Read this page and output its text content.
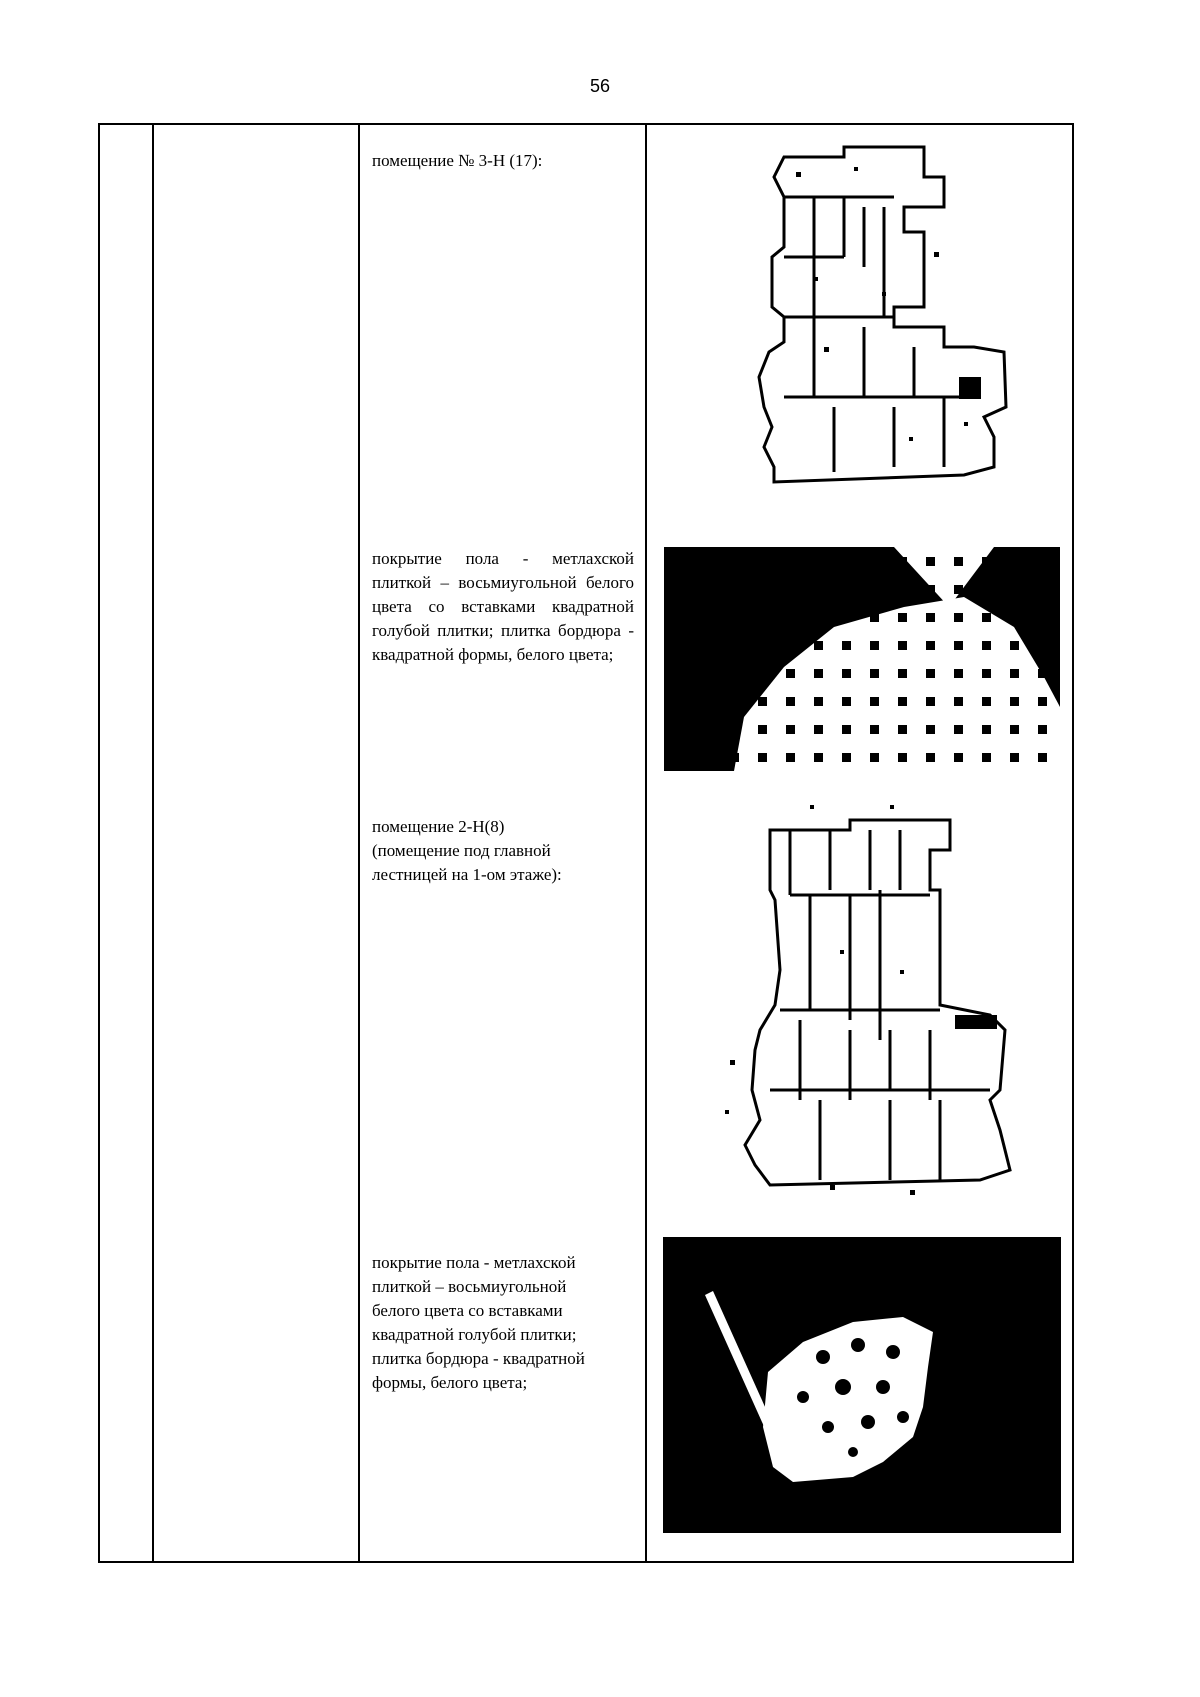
56
помещение № 3-Н (17):
покрытие пола - метлахской плиткой – восьмиугольной белого цвета со вставками квадратной голубой плитки; плитка бордюра - квадратной формы, белого цвета;
помещение 2-Н(8)
(помещение под главной
лестницей на 1-ом этаже):
покрытие пола - метлахской
плиткой – восьмиугольной
белого цвета со вставками
квадратной голубой плитки;
плитка бордюра - квадратной
формы, белого цвета;
